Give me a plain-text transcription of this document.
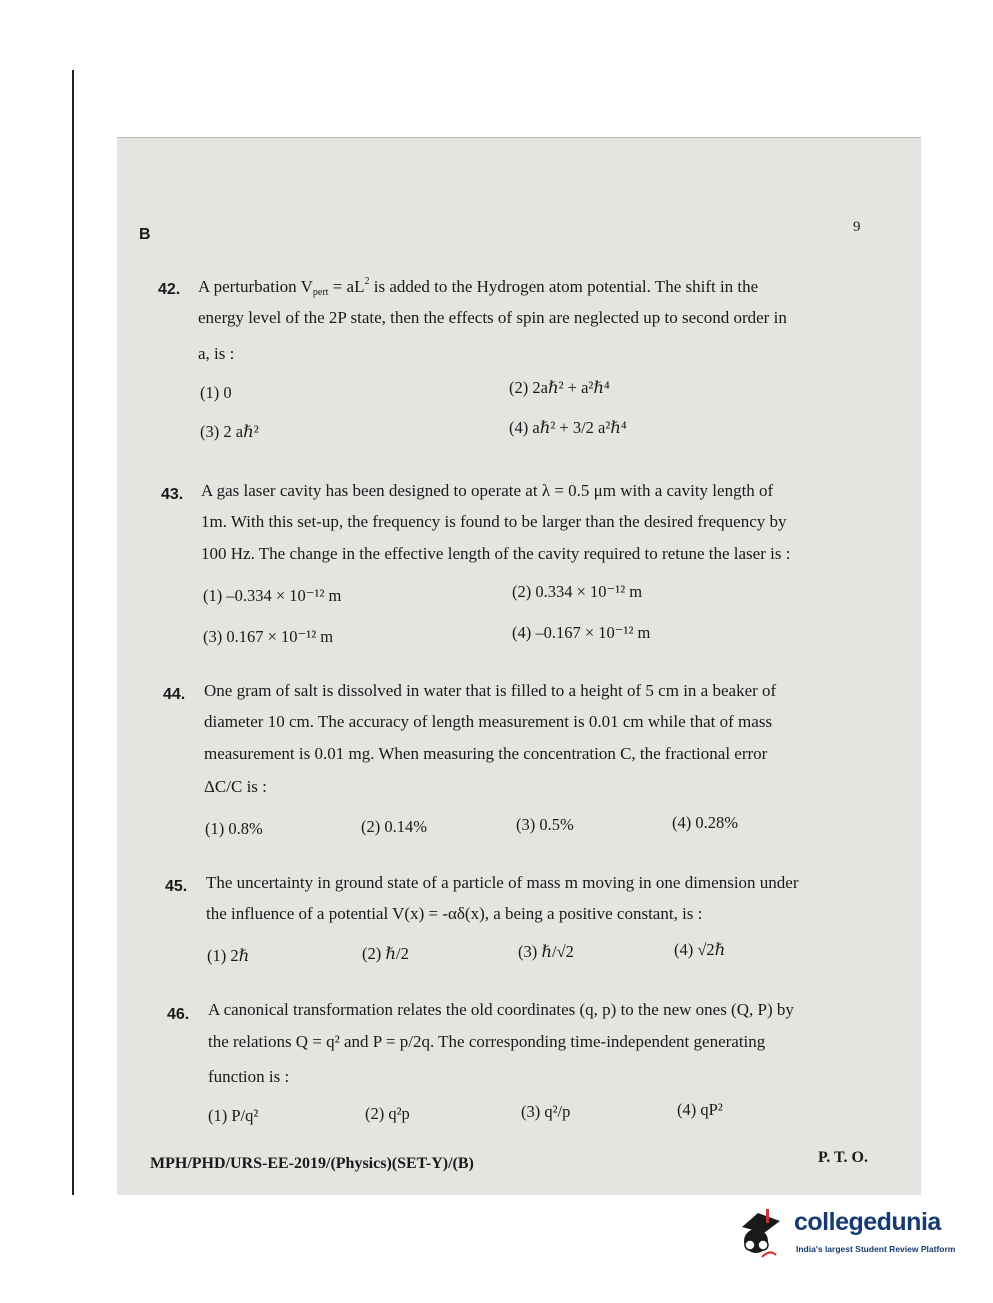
B	9
42. A perturbation $V_{pert} = aL^2$ is added to the Hydrogen atom potential. The shift in the
energy level of the 2P state, then the effects of spin are neglected up to second order in
a, is :
(1) 0	(2) 2aℏ² + a²ℏ⁴
(3) 2 aℏ²	(4) aℏ² + 3/2 a²ℏ⁴
43. A gas laser cavity has been designed to operate at λ = 0.5 μm with a cavity length of
1m. With this set-up, the frequency is found to be larger than the desired frequency by
100 Hz. The change in the effective length of the cavity required to retune the laser is :
(1) –0.334 × 10⁻¹² m	(2) 0.334 × 10⁻¹² m
(3) 0.167 × 10⁻¹² m	(4) –0.167 × 10⁻¹² m
44. One gram of salt is dissolved in water that is filled to a height of 5 cm in a beaker of
diameter 10 cm. The accuracy of length measurement is 0.01 cm while that of mass
measurement is 0.01 mg. When measuring the concentration C, the fractional error
ΔC/C is :
(1) 0.8%	(2) 0.14%	(3) 0.5%	(4) 0.28%
45. The uncertainty in ground state of a particle of mass m moving in one dimension under
the influence of a potential V(x) = -αδ(x), a being a positive constant, is :
(1) 2ℏ	(2) ℏ/2	(3) ℏ/√2	(4) √2ℏ
46. A canonical transformation relates the old coordinates (q, p) to the new ones (Q, P) by
the relations Q = q² and P = p/2q. The corresponding time-independent generating
function is :
(1) P/q²	(2) q²p	(3) q²/p	(4) qP²
MPH/PHD/URS-EE-2019/(Physics)(SET-Y)/(B)	P. T. O.
collegedunia
India's largest Student Review Platform
